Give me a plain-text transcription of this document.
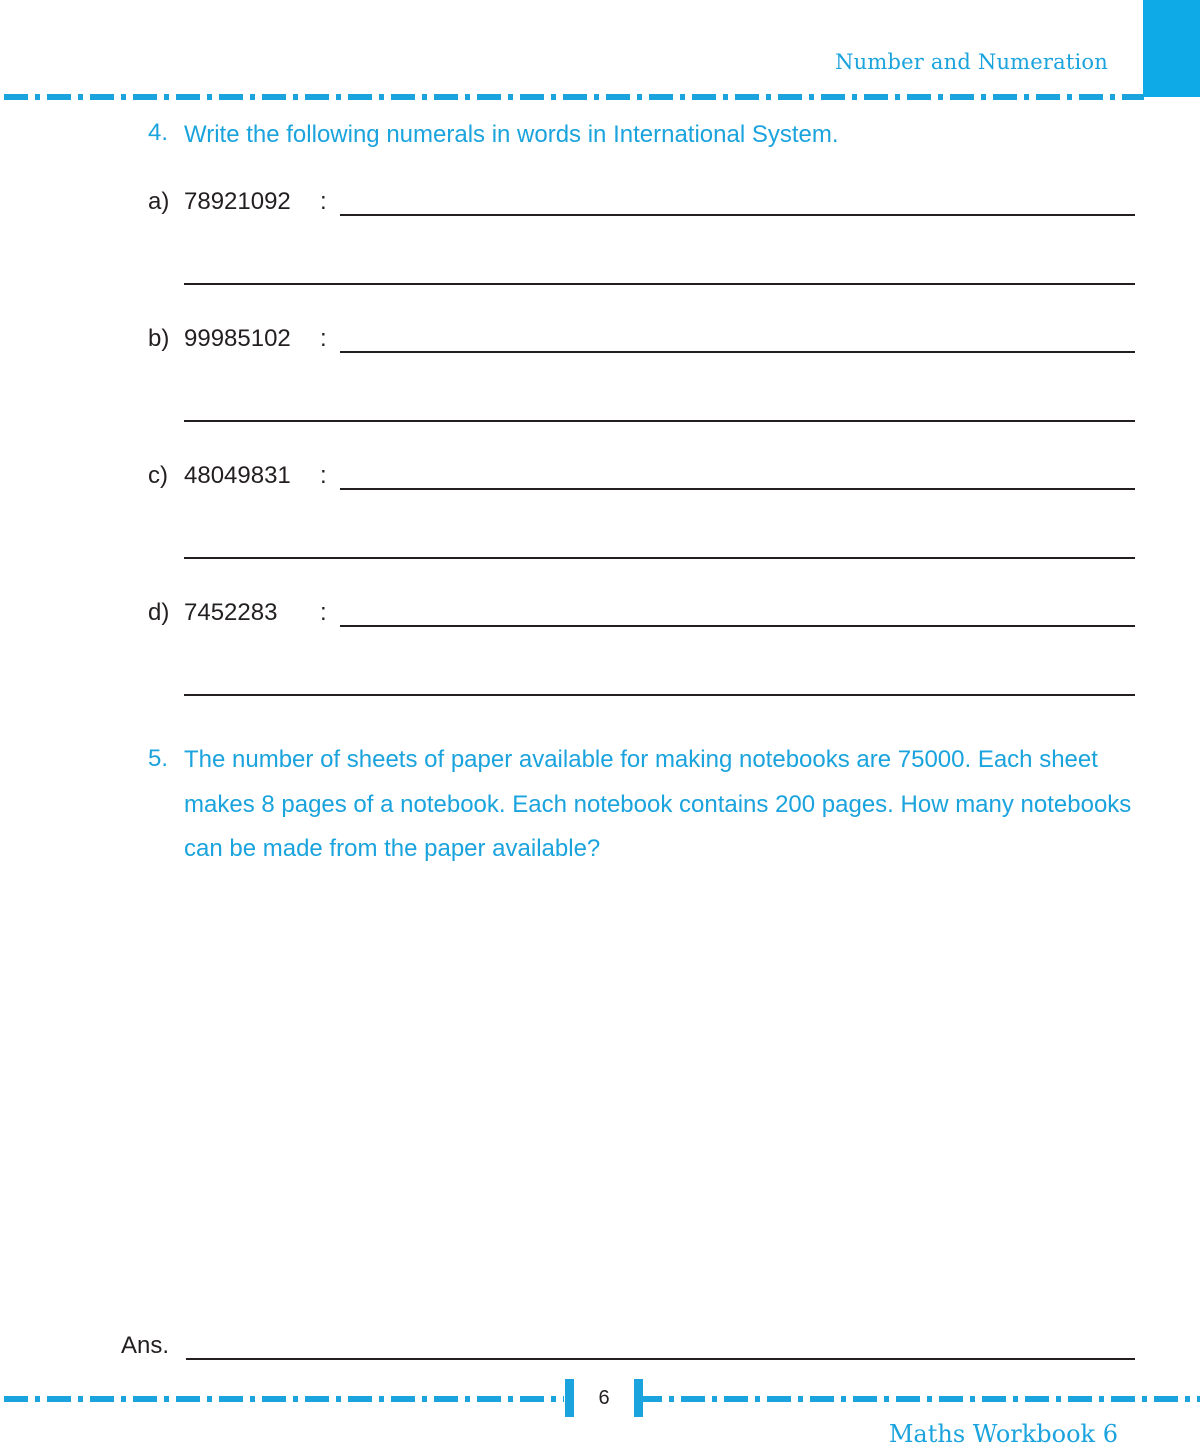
Number and Numeration
4. Write the following numerals in words in International System.
a) 78921092 :
b) 99985102 :
c) 48049831 :
d) 7452283 :
5. The number of sheets of paper available for making notebooks are 75000. Each sheet makes 8 pages of a notebook. Each notebook contains 200 pages. How many notebooks can be made from the paper available?
Ans.
6
Maths Workbook 6
